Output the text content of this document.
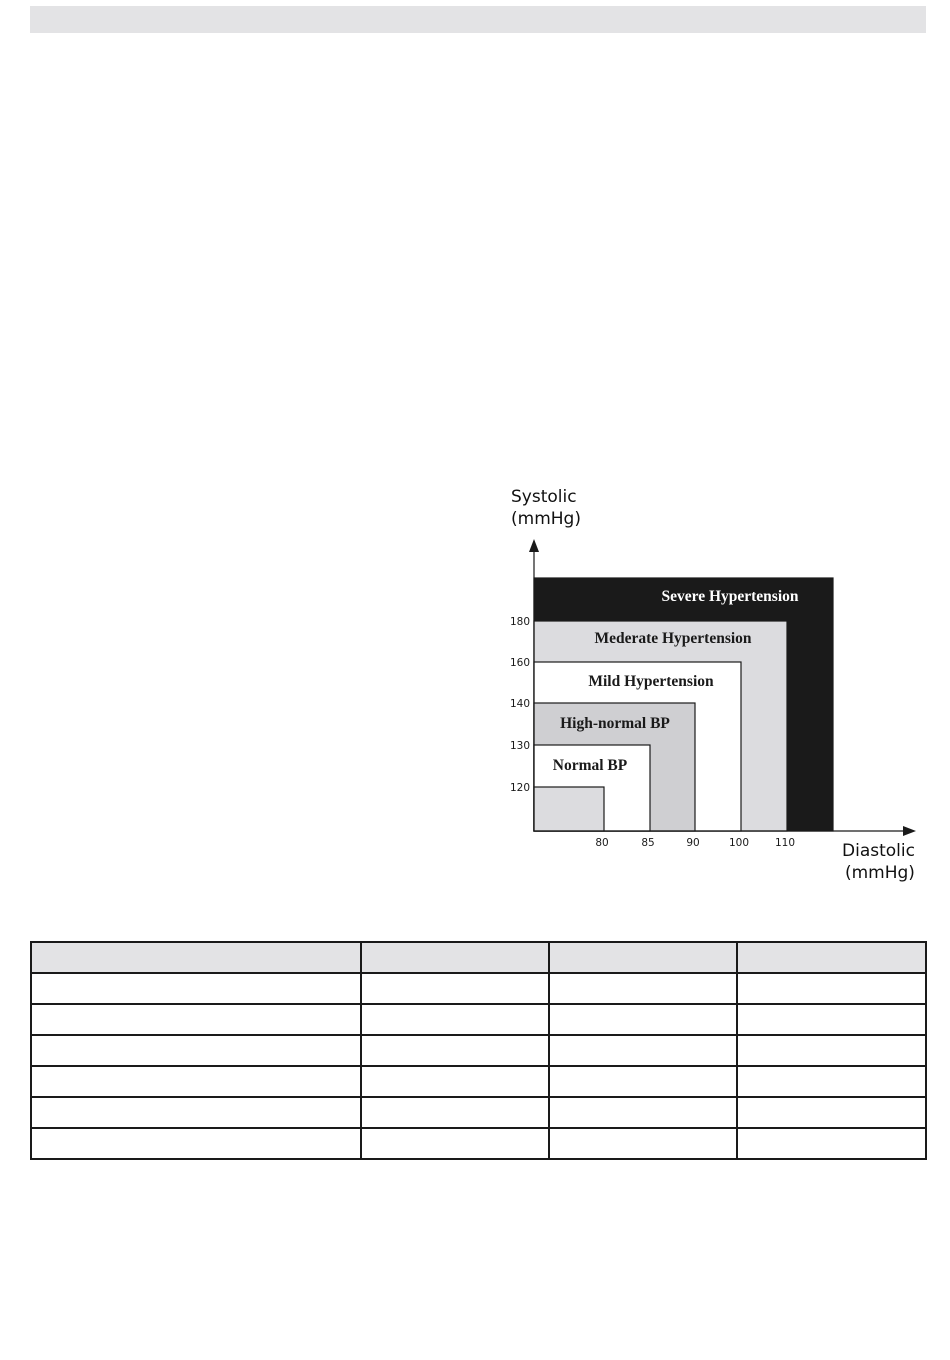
Systolic
(mmHg)
Diastolic
(mmHg)
Severe Hypertension
Mederate Hypertension
Mild Hypertension
High-normal BP
Normal BP
80	85	90	100 110
120
130
140
160
180
